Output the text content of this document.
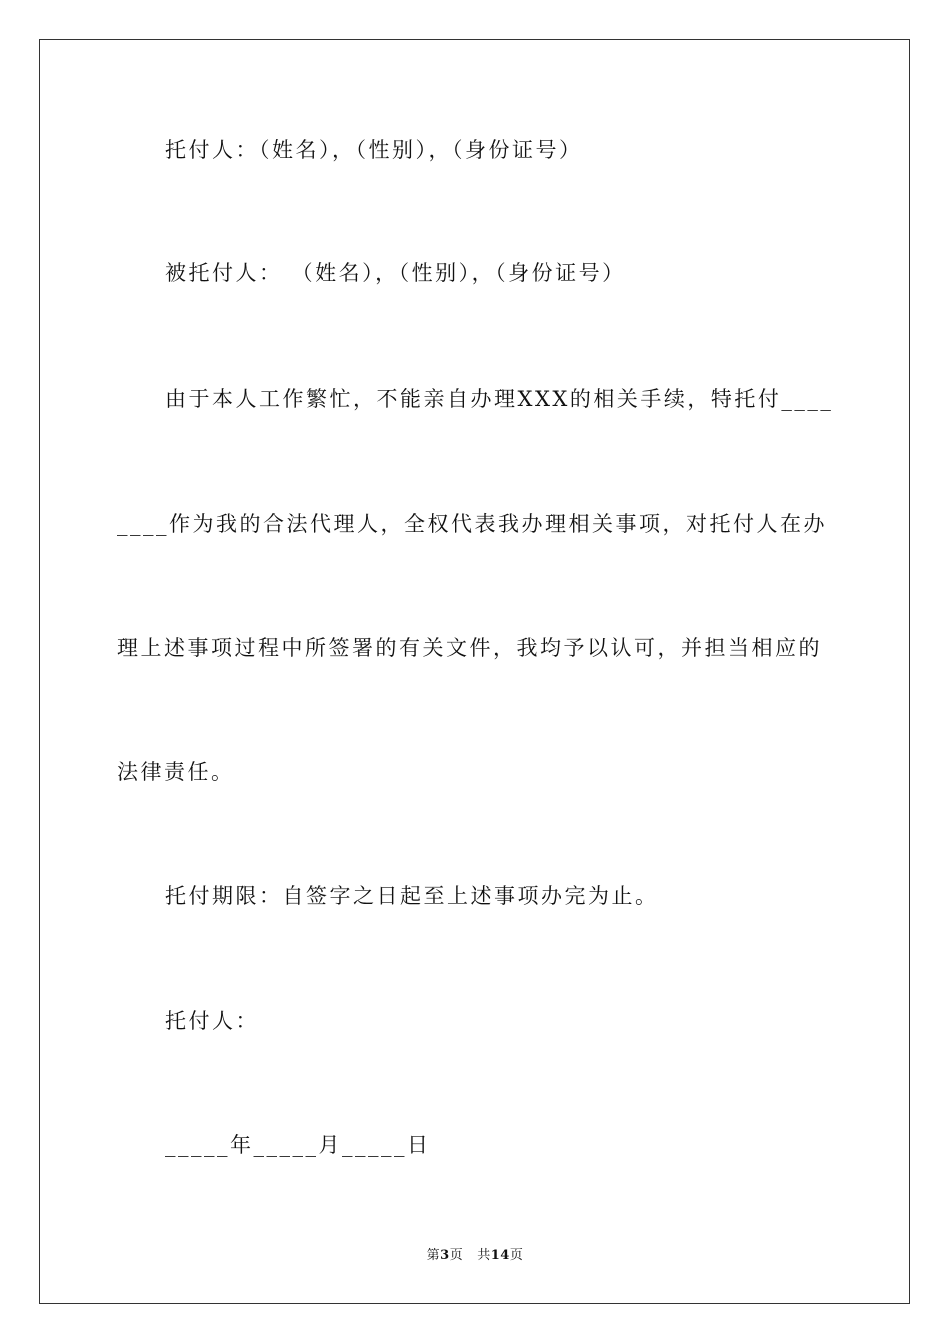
托付人：（姓名），（性别），（身份证号）
被托付人： （姓名），（性别），（身份证号）
由于本人工作繁忙，不能亲自办理XXX的相关手续，特托付____
____作为我的合法代理人，全权代表我办理相关事项，对托付人在办
理上述事项过程中所签署的有关文件，我均予以认可，并担当相应的
法律责任。
托付期限：自签字之日起至上述事项办完为止。
托付人：
_____年_____月_____日
第3页 共14页
